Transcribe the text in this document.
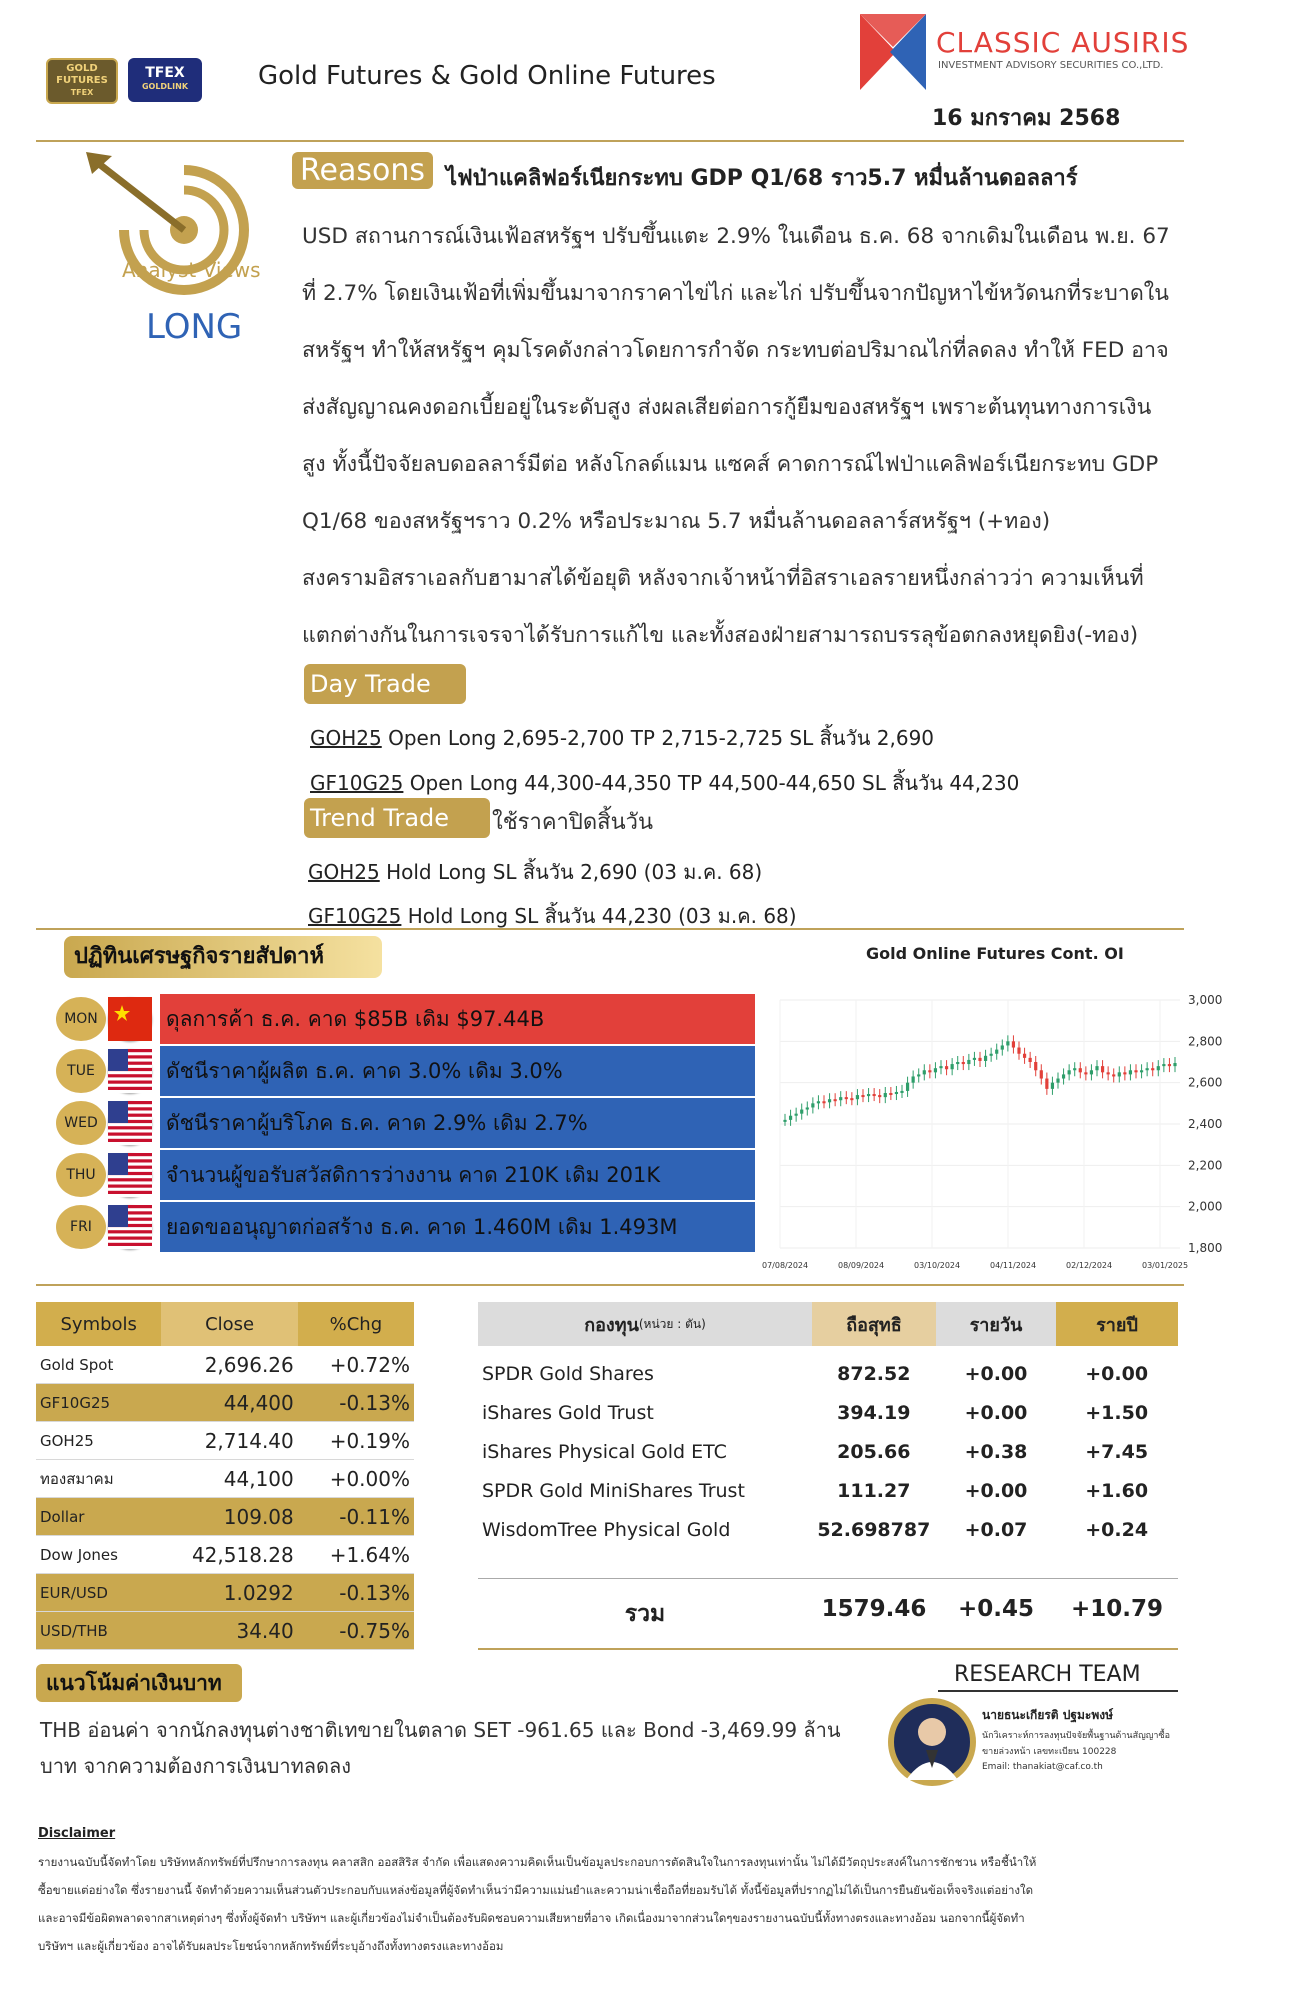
GOLD FUTURES
TFEX
TFEX
GOLDLINK	Gold Futures & Gold Online Futures
CLASSIC AUSIRIS
INVESTMENT ADVISORY SECURITIES CO.,LTD.
16 มกราคม 2568
Analyst Views
LONG
Reasons ไฟป่าแคลิฟอร์เนียกระทบ GDP Q1/68 ราว5.7 หมื่นล้านดอลลาร์
USD สถานการณ์เงินเฟ้อสหรัฐฯ ปรับขึ้นแตะ 2.9% ในเดือน ธ.ค. 68 จากเดิมในเดือน พ.ย. 67
ที่ 2.7% โดยเงินเฟ้อที่เพิ่มขึ้นมาจากราคาไข่ไก่ และไก่ ปรับขึ้นจากปัญหาไข้หวัดนกที่ระบาดใน
สหรัฐฯ ทำให้สหรัฐฯ คุมโรคดังกล่าวโดยการกำจัด กระทบต่อปริมาณไก่ที่ลดลง ทำให้ FED อาจ
ส่งสัญญาณคงดอกเบี้ยอยู่ในระดับสูง ส่งผลเสียต่อการกู้ยืมของสหรัฐฯ เพราะต้นทุนทางการเงิน
สูง ทั้งนี้ปัจจัยลบดอลลาร์มีต่อ หลังโกลด์แมน แซคส์ คาดการณ์ไฟป่าแคลิฟอร์เนียกระทบ GDP
Q1/68 ของสหรัฐฯราว 0.2% หรือประมาณ 5.7 หมื่นล้านดอลลาร์สหรัฐฯ (+ทอง)
สงครามอิสราเอลกับฮามาสได้ข้อยุติ หลังจากเจ้าหน้าที่อิสราเอลรายหนึ่งกล่าวว่า ความเห็นที่
แตกต่างกันในการเจรจาได้รับการแก้ไข และทั้งสองฝ่ายสามารถบรรลุข้อตกลงหยุดยิง(-ทอง)
Day Trade
GOH25 Open Long 2,695-2,700 TP 2,715-2,725 SL สิ้นวัน 2,690
GF10G25 Open Long 44,300-44,350 TP 44,500-44,650 SL สิ้นวัน 44,230
Trend Trade	ใช้ราคาปิดสิ้นวัน
GOH25 Hold Long SL สิ้นวัน 2,690 (03 ม.ค. 68)
GF10G25 Hold Long SL สิ้นวัน 44,230 (03 ม.ค. 68)
ปฏิทินเศรษฐกิจรายสัปดาห์
MON	ดุลการค้า ธ.ค. คาด $85B เดิม $97.44B
TUE	ดัชนีราคาผู้ผลิต ธ.ค. คาด 3.0% เดิม 3.0%
WED	ดัชนีราคาผู้บริโภค ธ.ค. คาด 2.9% เดิม 2.7%
THU	จำนวนผู้ขอรับสวัสดิการว่างงาน คาด 210K เดิม 201K
FRI	ยอดขออนุญาตก่อสร้าง ธ.ค. คาด 1.460M เดิม 1.493M
Gold Online Futures Cont. OI
3,000
2,800
2,600
2,400
2,200
2,000
1,800
07/08/2024	08/09/2024	03/10/2024	04/11/2024	02/12/2024	03/01/2025
Symbols	Close	%Chg
Gold Spot	2,696.26	+0.72%
GF10G25	44,400	-0.13%
GOH25	2,714.40	+0.19%
ทองสมาคม	44,100	+0.00%
Dollar	109.08	-0.11%
Dow Jones	42,518.28	+1.64%
EUR/USD	1.0292	-0.13%
USD/THB	34.40	-0.75%
กองทุน (หน่วย : ตัน)	ถือสุทธิ	รายวัน	รายปี
SPDR Gold Shares	872.52	+0.00	+0.00
iShares Gold Trust	394.19	+0.00	+1.50
iShares Physical Gold ETC	205.66	+0.38	+7.45
SPDR Gold MiniShares Trust	111.27	+0.00	+1.60
WisdomTree Physical Gold	52.698787	+0.07	+0.24
รวม	1579.46	+0.45	+10.79
แนวโน้มค่าเงินบาท
THB อ่อนค่า จากนักลงทุนต่างชาติเทขายในตลาด SET -961.65 และ Bond -3,469.99 ล้าน
บาท จากความต้องการเงินบาทลดลง
RESEARCH TEAM
นายธนะเกียรติ ปฐมะพงษ์
นักวิเคราะห์การลงทุนปัจจัยพื้นฐานด้านสัญญาซื้อ
ขายล่วงหน้า เลขทะเบียน 100228
Email: thanakiat@caf.co.th
Disclaimer
รายงานฉบับนี้จัดทำโดย บริษัทหลักทรัพย์ที่ปรึกษาการลงทุน คลาสสิก ออสสิริส จำกัด เพื่อแสดงความคิดเห็นเป็นข้อมูลประกอบการตัดสินใจในการลงทุนเท่านั้น ไม่ได้มีวัตถุประสงค์ในการชักชวน หรือชี้นำให้
ซื้อขายแต่อย่างใด ซึ่งรายงานนี้ จัดทำด้วยความเห็นส่วนตัวประกอบกับแหล่งข้อมูลที่ผู้จัดทำเห็นว่ามีความแม่นยำและความน่าเชื่อถือที่ยอมรับได้ ทั้งนี้ข้อมูลที่ปรากฏไม่ได้เป็นการยืนยันข้อเท็จจริงแต่อย่างใด
และอาจมีข้อผิดพลาดจากสาเหตุต่างๆ ซึ่งทั้งผู้จัดทำ บริษัทฯ และผู้เกี่ยวข้องไม่จำเป็นต้องรับผิดชอบความเสียหายที่อาจ เกิดเนื่องมาจากส่วนใดๆของรายงานฉบับนี้ทั้งทางตรงและทางอ้อม นอกจากนี้ผู้จัดทำ
บริษัทฯ และผู้เกี่ยวข้อง อาจได้รับผลประโยชน์จากหลักทรัพย์ที่ระบุอ้างถึงทั้งทางตรงและทางอ้อม
